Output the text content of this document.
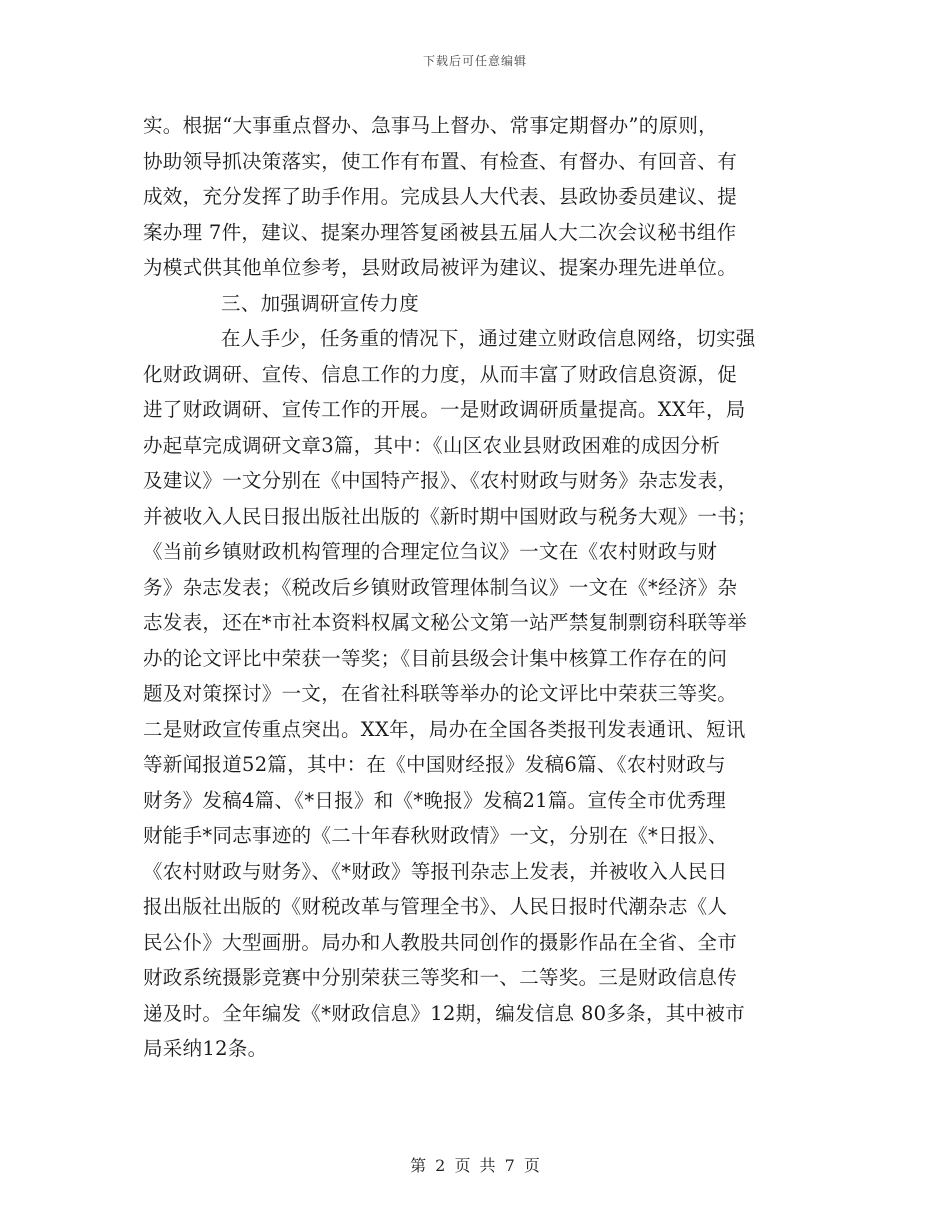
下载后可任意编辑
实。根据“大事重点督办、急事马上督办、常事定期督办”的原则，
协助领导抓决策落实，使工作有布置、有检查、有督办、有回音、有
成效，充分发挥了助手作用。完成县人大代表、县政协委员建议、提
案办理 7件，建议、提案办理答复函被县五届人大二次会议秘书组作
为模式供其他单位参考，县财政局被评为建议、提案办理先进单位。
三、加强调研宣传力度
在人手少，任务重的情况下，通过建立财政信息网络，切实强
化财政调研、宣传、信息工作的力度，从而丰富了财政信息资源，促
进了财政调研、宣传工作的开展。一是财政调研质量提高。XX年，局
办起草完成调研文章3篇，其中：《山区农业县财政困难的成因分析
及建议》一文分别在《中国特产报》、《农村财政与财务》杂志发表，
并被收入人民日报出版社出版的《新时期中国财政与税务大观》一书；
《当前乡镇财政机构管理的合理定位刍议》一文在《农村财政与财
务》杂志发表；《税改后乡镇财政管理体制刍议》一文在《*经济》杂
志发表，还在*市社本资料权属文秘公文第一站严禁复制剽窃科联等举
办的论文评比中荣获一等奖；《目前县级会计集中核算工作存在的问
题及对策探讨》一文，在省社科联等举办的论文评比中荣获三等奖。
二是财政宣传重点突出。XX年，局办在全国各类报刊发表通讯、短讯
等新闻报道52篇，其中：在《中国财经报》发稿6篇、《农村财政与
财务》发稿4篇、《*日报》和《*晚报》发稿21篇。宣传全市优秀理
财能手*同志事迹的《二十年春秋财政情》一文，分别在《*日报》、
《农村财政与财务》、《*财政》等报刊杂志上发表，并被收入人民日
报出版社出版的《财税改革与管理全书》、人民日报时代潮杂志《人
民公仆》大型画册。局办和人教股共同创作的摄影作品在全省、全市
财政系统摄影竞赛中分别荣获三等奖和一、二等奖。三是财政信息传
递及时。全年编发《*财政信息》12期，编发信息 80多条，其中被市
局采纳12条。
第 2 页 共 7 页
